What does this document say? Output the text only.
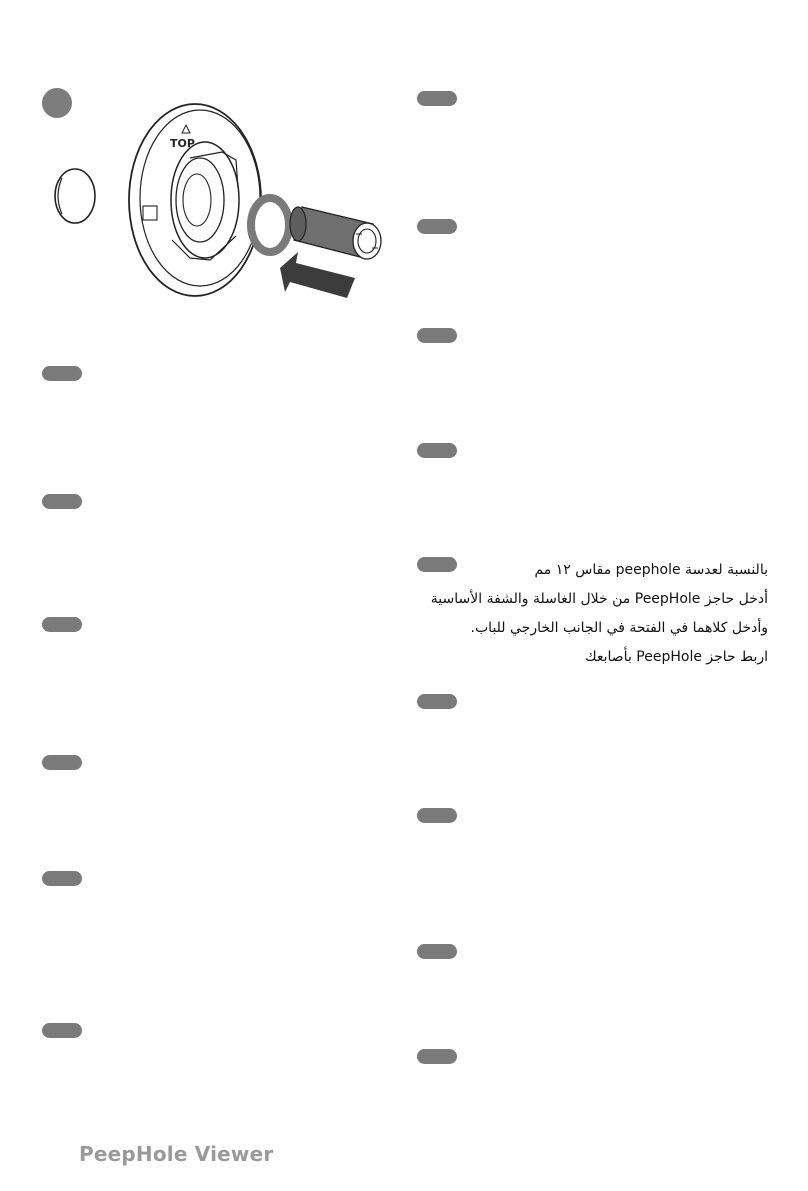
TOP
بالنسبة لعدسة peephole مقاس ١٢ مم
أدخل حاجز PeepHole من خلال الغاسلة والشفة الأساسية
وأدخل كلاهما في الفتحة في الجانب الخارجي للباب.
اربط حاجز PeepHole بأصابعك
PeepHole Viewer
